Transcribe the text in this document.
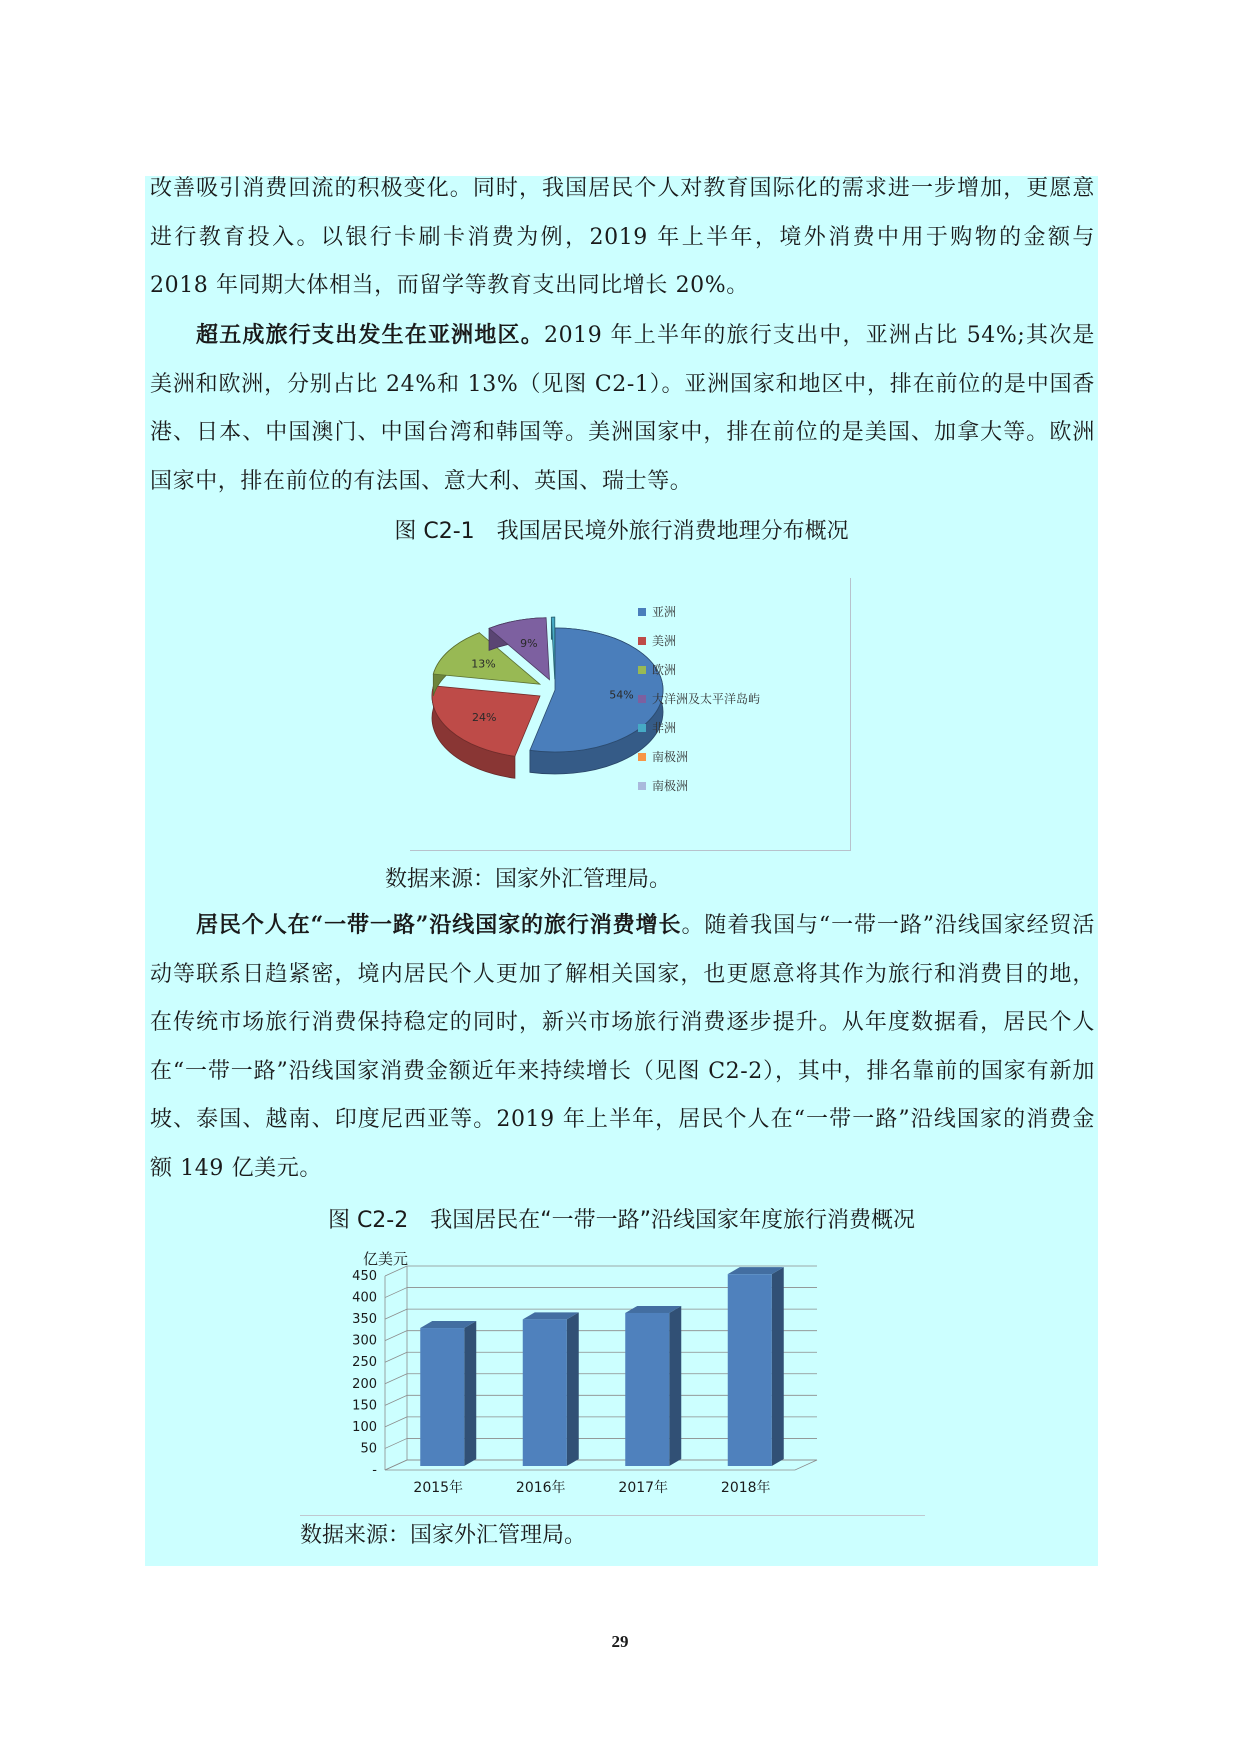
改善吸引消费回流的积极变化。同时，我国居民个人对教育国际化的需求进一步增加，更愿意进行教育投入。以银行卡刷卡消费为例，2019 年上半年，境外消费中用于购物的金额与 2018 年同期大体相当，而留学等教育支出同比增长 20%。

超五成旅行支出发生在亚洲地区。2019 年上半年的旅行支出中，亚洲占比 54%;其次是美洲和欧洲，分别占比 24%和 13%（见图 C2-1）。亚洲国家和地区中，排在前位的是中国香港、日本、中国澳门、中国台湾和韩国等。美洲国家中，排在前位的是美国、加拿大等。欧洲国家中，排在前位的有法国、意大利、英国、瑞士等。

图 C2-1　我国居民境外旅行消费地理分布概况
54%
24%
13%
9%
亚洲
美洲
欧洲
大洋洲及太平洋岛屿
非洲
南极洲
南极洲
数据来源：国家外汇管理局。

居民个人在“一带一路”沿线国家的旅行消费增长。随着我国与“一带一路”沿线国家经贸活动等联系日趋紧密，境内居民个人更加了解相关国家，也更愿意将其作为旅行和消费目的地，在传统市场旅行消费保持稳定的同时，新兴市场旅行消费逐步提升。从年度数据看，居民个人在“一带一路”沿线国家消费金额近年来持续增长（见图 C2-2），其中，排名靠前的国家有新加坡、泰国、越南、印度尼西亚等。2019 年上半年，居民个人在“一带一路”沿线国家的消费金额 149 亿美元。

图 C2-2　我国居民在“一带一路”沿线国家年度旅行消费概况
-
50
100
150
200
250
300
350
400
450
2015年	2016年	2017年	2018年
亿美元
数据来源：国家外汇管理局。
29
